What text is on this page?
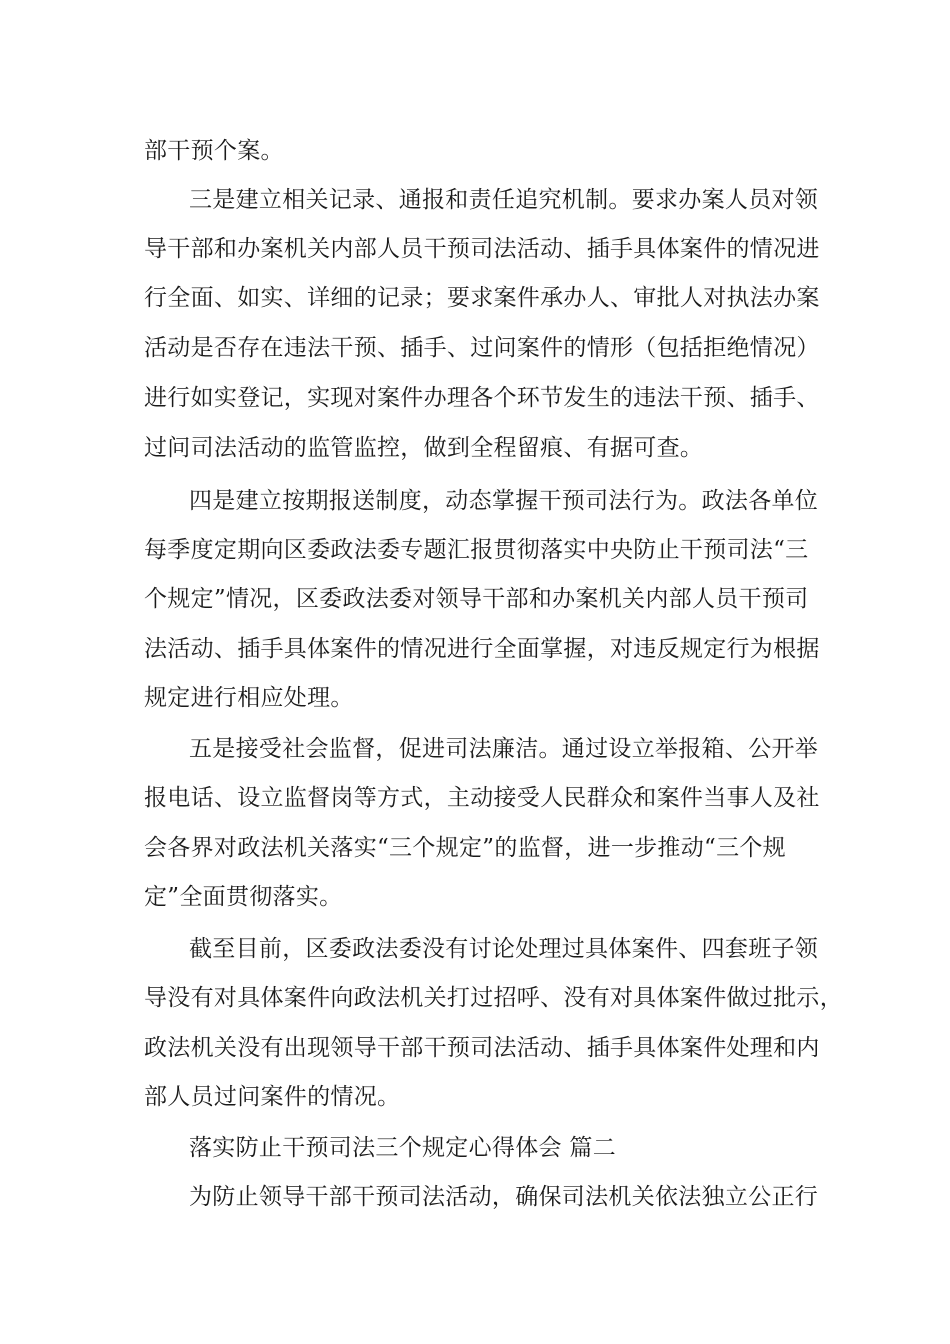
部干预个案。
三是建立相关记录、通报和责任追究机制。要求办案人员对领
导干部和办案机关内部人员干预司法活动、插手具体案件的情况进
行全面、如实、详细的记录；要求案件承办人、审批人对执法办案
活动是否存在违法干预、插手、过问案件的情形（包括拒绝情况）
进行如实登记，实现对案件办理各个环节发生的违法干预、插手、
过问司法活动的监管监控，做到全程留痕、有据可查。
四是建立按期报送制度，动态掌握干预司法行为。政法各单位
每季度定期向区委政法委专题汇报贯彻落实中央防止干预司法“三
个规定”情况，区委政法委对领导干部和办案机关内部人员干预司
法活动、插手具体案件的情况进行全面掌握，对违反规定行为根据
规定进行相应处理。
五是接受社会监督，促进司法廉洁。通过设立举报箱、公开举
报电话、设立监督岗等方式，主动接受人民群众和案件当事人及社
会各界对政法机关落实“三个规定”的监督，进一步推动“三个规
定”全面贯彻落实。
截至目前，区委政法委没有讨论处理过具体案件、四套班子领
导没有对具体案件向政法机关打过招呼、没有对具体案件做过批示，
政法机关没有出现领导干部干预司法活动、插手具体案件处理和内
部人员过问案件的情况。
落实防止干预司法三个规定心得体会 篇二
为防止领导干部干预司法活动，确保司法机关依法独立公正行
